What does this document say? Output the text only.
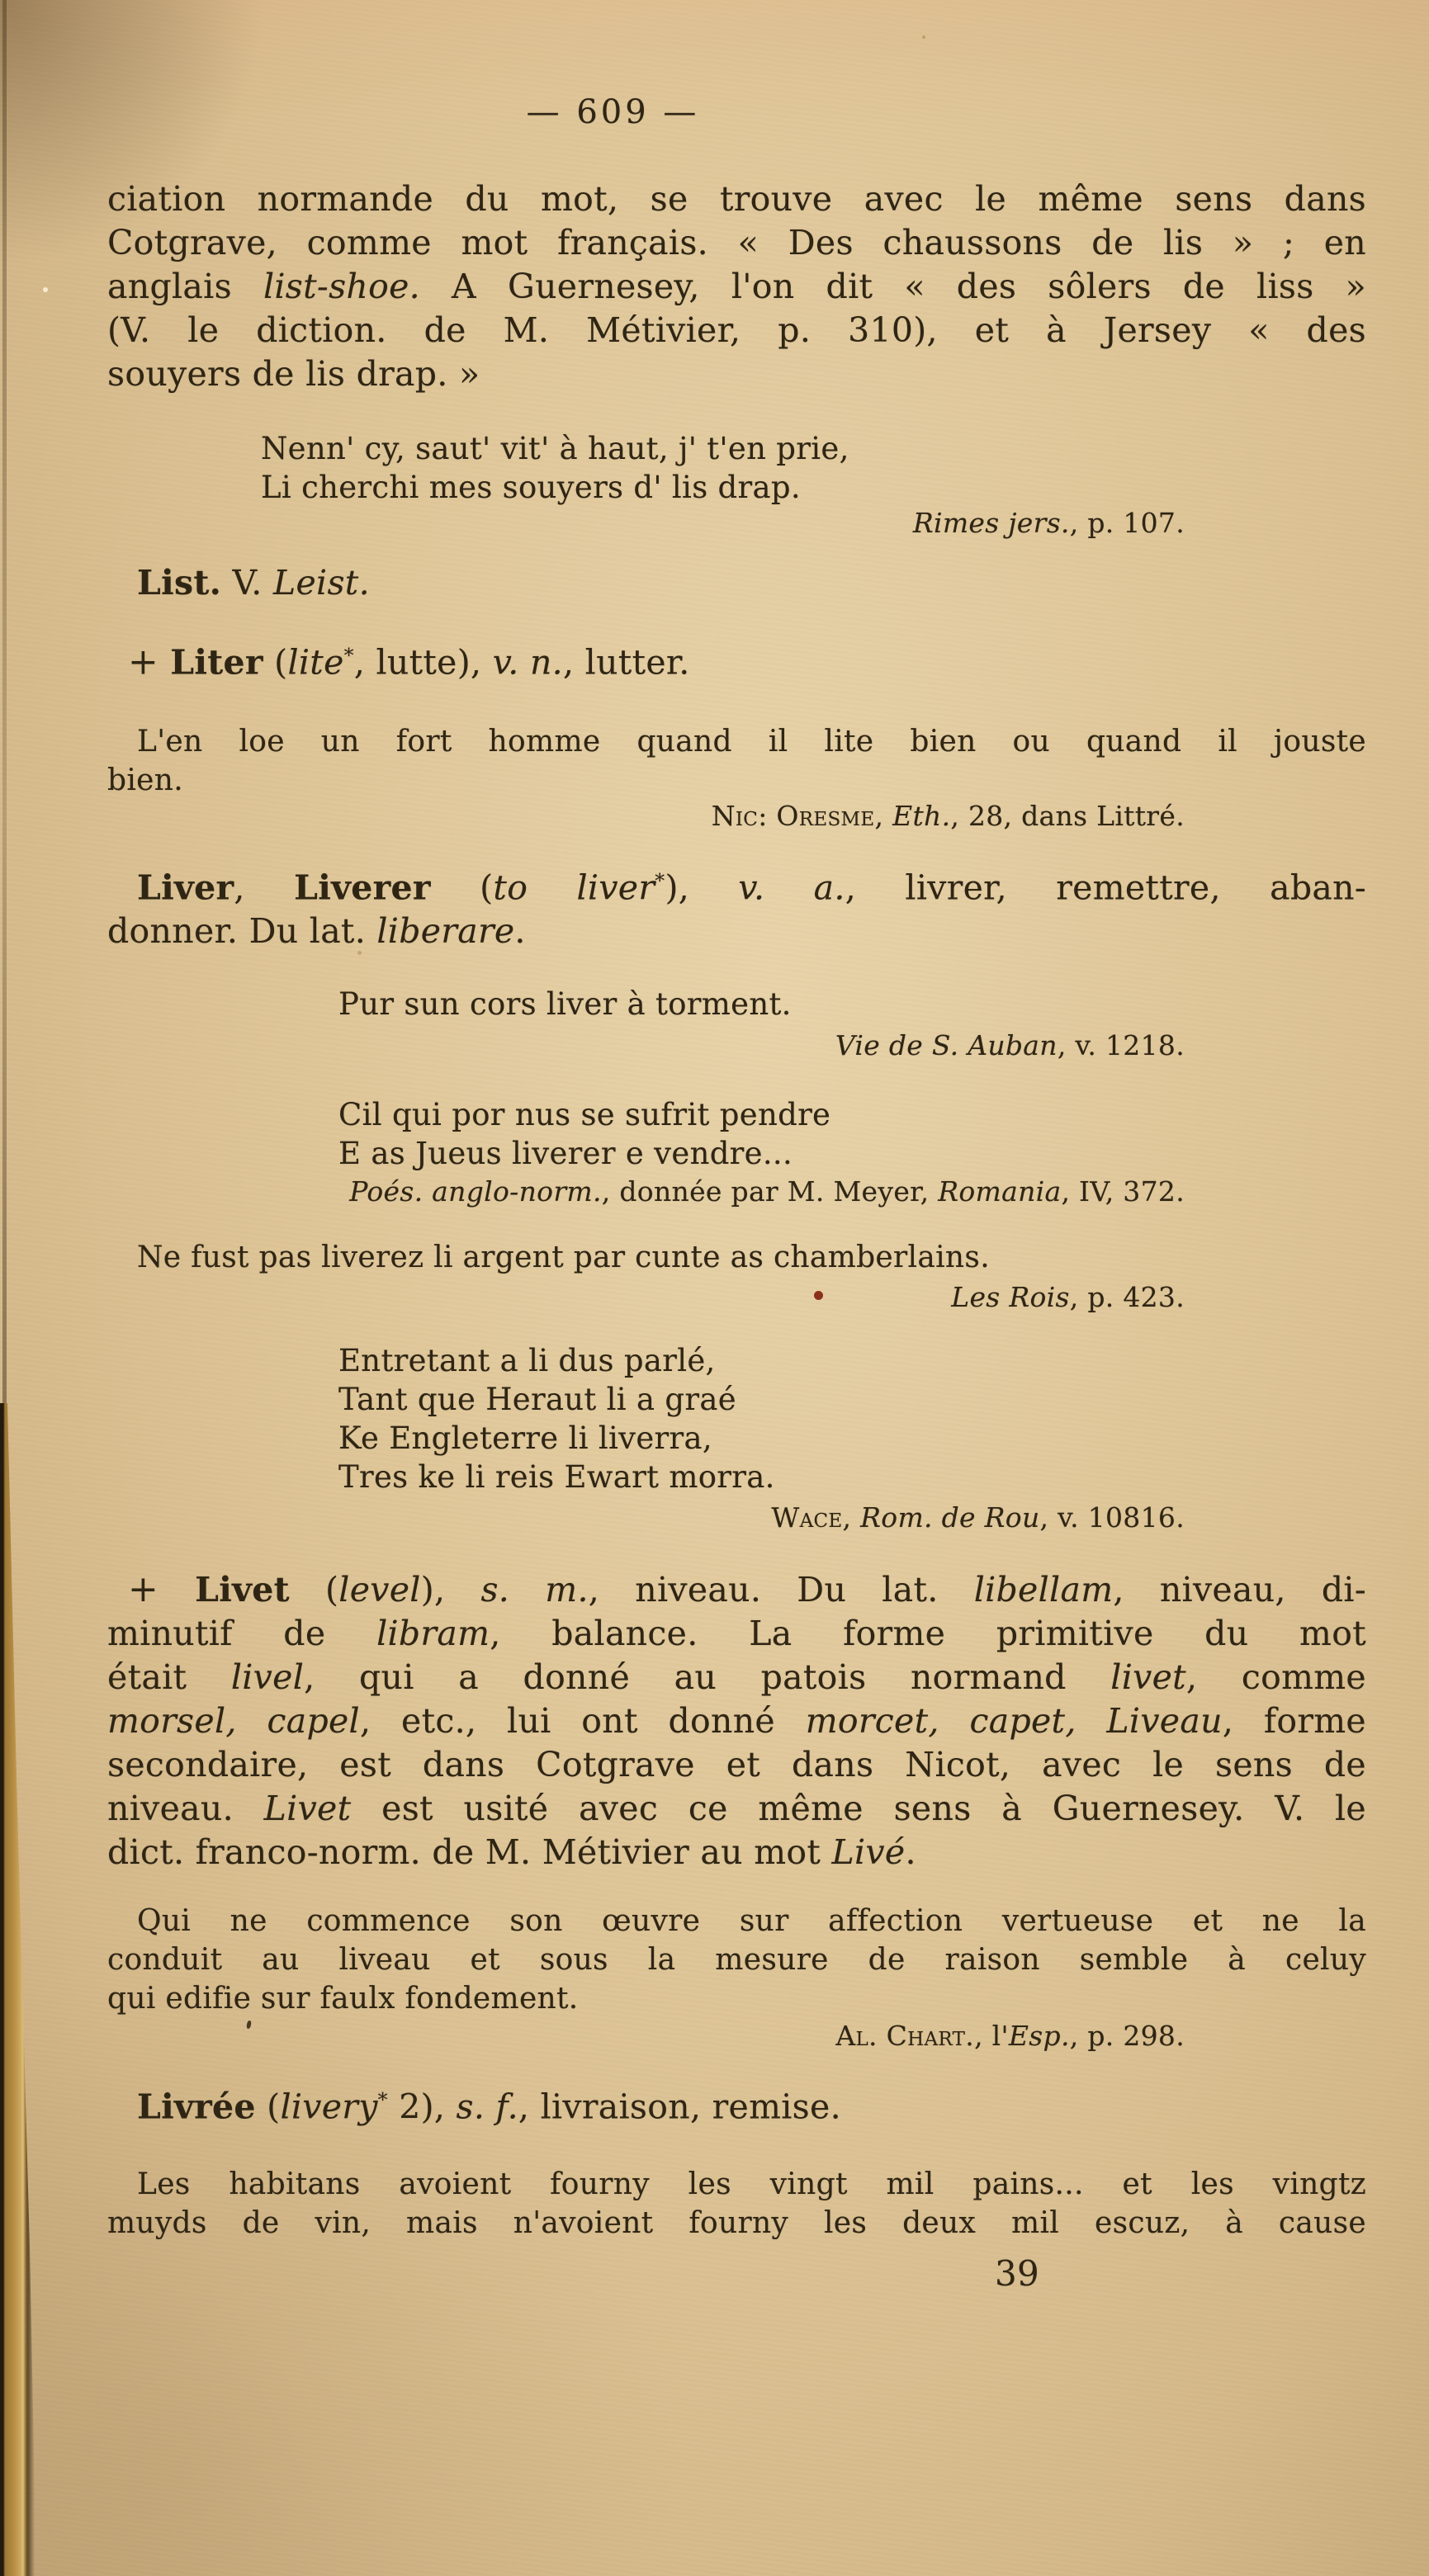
— 609 —
ciation normande du mot, se trouve avec le même sens dans
Cotgrave, comme mot français. « Des chaussons de lis » ; en
anglais list-shoe. A Guernesey, l'on dit « des sôlers de liss »
(V. le diction. de M. Métivier, p. 310), et à Jersey « des
souyers de lis drap. »
Nenn' cy, saut' vit' à haut, j' t'en prie,
Li cherchi mes souyers d' lis drap.
Rimes jers., p. 107.
List. V. Leist.
+ Liter (lite*, lutte), v. n., lutter.
L'en loe un fort homme quand il lite bien ou quand il jouste
bien.
Nic: Oresme, Eth., 28, dans Littré.
Liver, Liverer (to liver*), v. a., livrer, remettre, aban-
donner. Du lat. liberare.
Pur sun cors liver à torment.
Vie de S. Auban, v. 1218.
Cil qui por nus se sufrit pendre
E as Jueus liverer e vendre...
Poés. anglo-norm., donnée par M. Meyer, Romania, IV, 372.
Ne fust pas liverez li argent par cunte as chamberlains.
Les Rois, p. 423.
Entretant a li dus parlé,
Tant que Heraut li a graé
Ke Engleterre li liverra,
Tres ke li reis Ewart morra.
Wace, Rom. de Rou, v. 10816.
+ Livet (level), s. m., niveau. Du lat. libellam, niveau, di-
minutif de libram, balance. La forme primitive du mot
était livel, qui a donné au patois normand livet, comme
morsel, capel, etc., lui ont donné morcet, capet, Liveau, forme
secondaire, est dans Cotgrave et dans Nicot, avec le sens de
niveau. Livet est usité avec ce même sens à Guernesey. V. le
dict. franco-norm. de M. Métivier au mot Livé.
Qui ne commence son œuvre sur affection vertueuse et ne la
conduit au liveau et sous la mesure de raison semble à celuy
qui edifie sur faulx fondement.
Al. Chart., l'Esp., p. 298.
Livrée (livery* 2), s. f., livraison, remise.
Les habitans avoient fourny les vingt mil pains... et les vingtz
muyds de vin, mais n'avoient fourny les deux mil escuz, à cause
39
